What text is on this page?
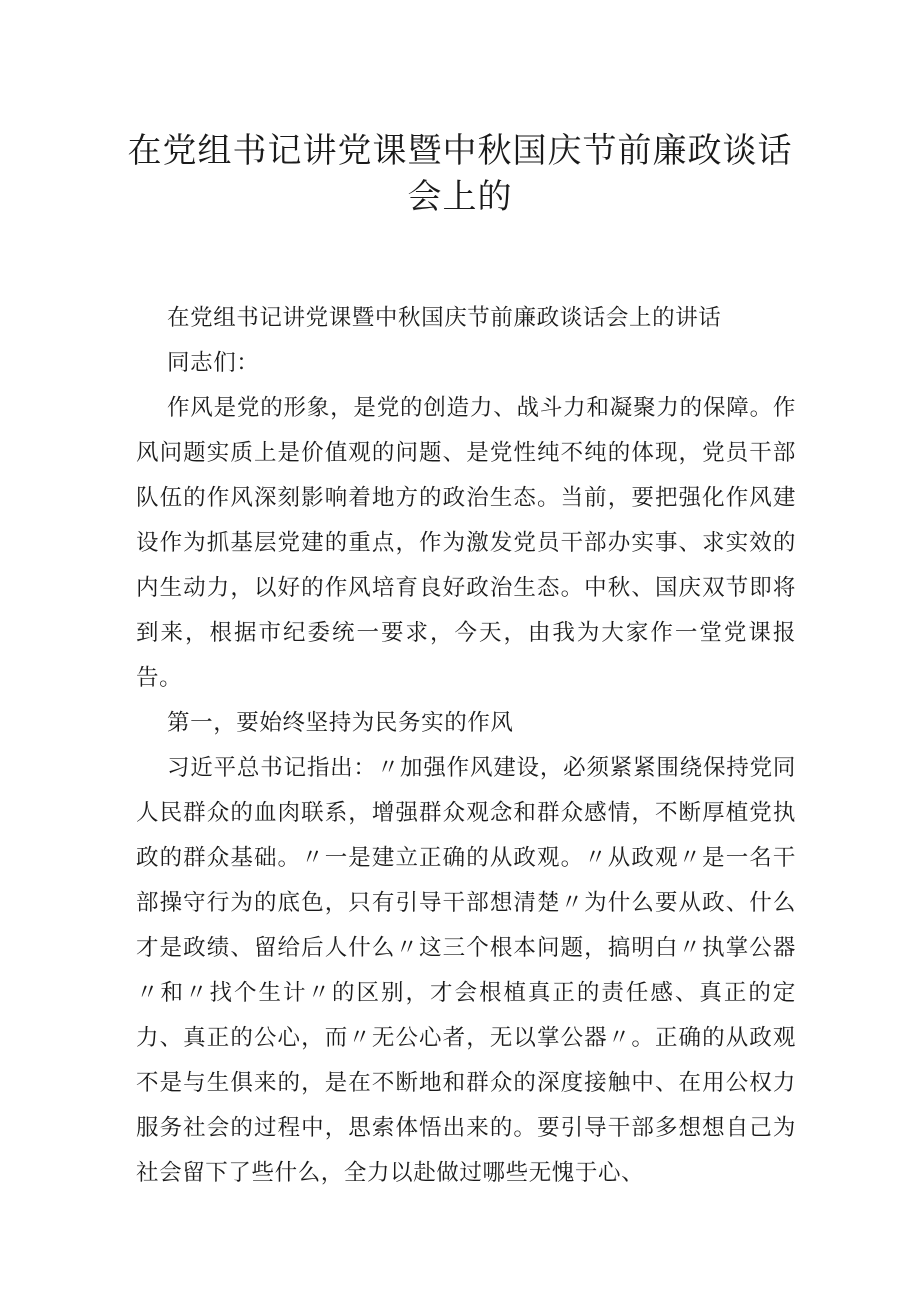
在党组书记讲党课暨中秋国庆节前廉政谈话会上的

在党组书记讲党课暨中秋国庆节前廉政谈话会上的讲话

同志们：

作风是党的形象，是党的创造力、战斗力和凝聚力的保障。作风问题实质上是价值观的问题、是党性纯不纯的体现，党员干部队伍的作风深刻影响着地方的政治生态。当前，要把强化作风建设作为抓基层党建的重点，作为激发党员干部办实事、求实效的内生动力，以好的作风培育良好政治生态。中秋、国庆双节即将到来，根据市纪委统一要求，今天，由我为大家作一堂党课报告。

第一，要始终坚持为民务实的作风

习近平总书记指出：〃加强作风建设，必须紧紧围绕保持党同人民群众的血肉联系，增强群众观念和群众感情，不断厚植党执政的群众基础。〃一是建立正确的从政观。〃从政观〃是一名干部操守行为的底色，只有引导干部想清楚〃为什么要从政、什么才是政绩、留给后人什么〃这三个根本问题，搞明白〃执掌公器〃和〃找个生计〃的区别，才会根植真正的责任感、真正的定力、真正的公心，而〃无公心者，无以掌公器〃。正确的从政观不是与生俱来的，是在不断地和群众的深度接触中、在用公权力服务社会的过程中，思索体悟出来的。要引导干部多想想自己为社会留下了些什么，全力以赴做过哪些无愧于心、
